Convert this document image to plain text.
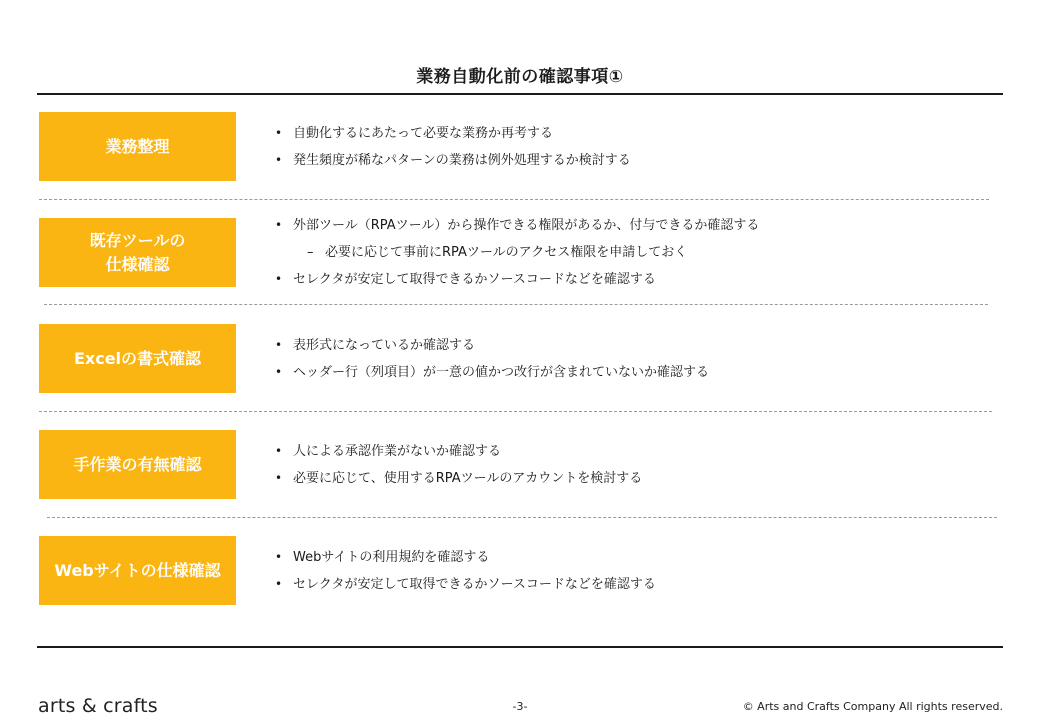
業務自動化前の確認事項①
業務整理
• 自動化するにあたって必要な業務か再考する
• 発生頻度が稀なパターンの業務は例外処理するか検討する
既存ツールの
仕様確認
• 外部ツール（RPAツール）から操作できる権限があるか、付与できるか確認する
– 必要に応じて事前にRPAツールのアクセス権限を申請しておく
• セレクタが安定して取得できるかソースコードなどを確認する
Excelの書式確認
• 表形式になっているか確認する
• ヘッダー行（列項目）が一意の値かつ改行が含まれていないか確認する
手作業の有無確認
• 人による承認作業がないか確認する
• 必要に応じて、使用するRPAツールのアカウントを検討する
Webサイトの仕様確認
• Webサイトの利用規約を確認する
• セレクタが安定して取得できるかソースコードなどを確認する
arts & crafts	-3-	© Arts and Crafts Company All rights reserved.
